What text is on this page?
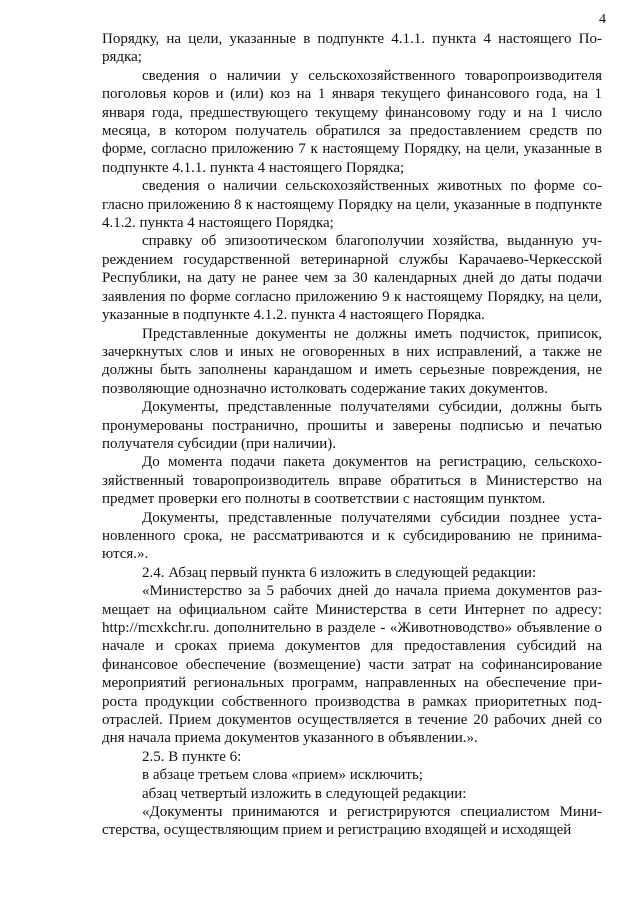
4

Порядку, на цели, указанные в подпункте 4.1.1. пункта 4 настоящего Порядка;

сведения о наличии у сельскохозяйственного товаропроизводителя поголовья коров и (или) коз на 1 января текущего финансового года, на 1 января года, предшествующего текущему финансовому году и на 1 число месяца, в котором получатель обратился за предоставлением средств по форме, согласно приложению 7 к настоящему Порядку, на цели, указанные в подпункте 4.1.1. пункта 4 настоящего Порядка;

сведения о наличии сельскохозяйственных животных по форме согласно приложению 8 к настоящему Порядку на цели, указанные в подпункте 4.1.2. пункта 4 настоящего Порядка;

справку об эпизоотическом благополучии хозяйства, выданную учреждением государственной ветеринарной службы Карачаево-Черкесской Республики, на дату не ранее чем за 30 календарных дней до даты подачи заявления по форме согласно приложению 9 к настоящему Порядку, на цели, указанные в подпункте 4.1.2. пункта 4 настоящего Порядка.

Представленные документы не должны иметь подчисток, приписок, зачеркнутых слов и иных не оговоренных в них исправлений, а также не должны быть заполнены карандашом и иметь серьезные повреждения, не позволяющие однозначно истолковать содержание таких документов.

Документы, представленные получателями субсидии, должны быть пронумерованы постранично, прошиты и заверены подписью и печатью получателя субсидии (при наличии).

До момента подачи пакета документов на регистрацию, сельскохозяйственный товаропроизводитель вправе обратиться в Министерство на предмет проверки его полноты в соответствии с настоящим пунктом.

Документы, представленные получателями субсидии позднее установленного срока, не рассматриваются и к субсидированию не принимаются.».

2.4. Абзац первый пункта 6 изложить в следующей редакции:

«Министерство за 5 рабочих дней до начала приема документов размещает на официальном сайте Министерства в сети Интернет по адресу: http://mcxkchr.ru. дополнительно в разделе - «Животноводство» объявление о начале и сроках приема документов для предоставления субсидий на финансовое обеспечение (возмещение) части затрат на софинансирование мероприятий региональных программ, направленных на обеспечение прироста продукции собственного производства в рамках приоритетных подотраслей. Прием документов осуществляется в течение 20 рабочих дней со дня начала приема документов указанного в объявлении.».

2.5. В пункте 6:

в абзаце третьем слова «прием» исключить;

абзац четвертый изложить в следующей редакции:

«Документы принимаются и регистрируются специалистом Министерства, осуществляющим прием и регистрацию входящей и исходящей
